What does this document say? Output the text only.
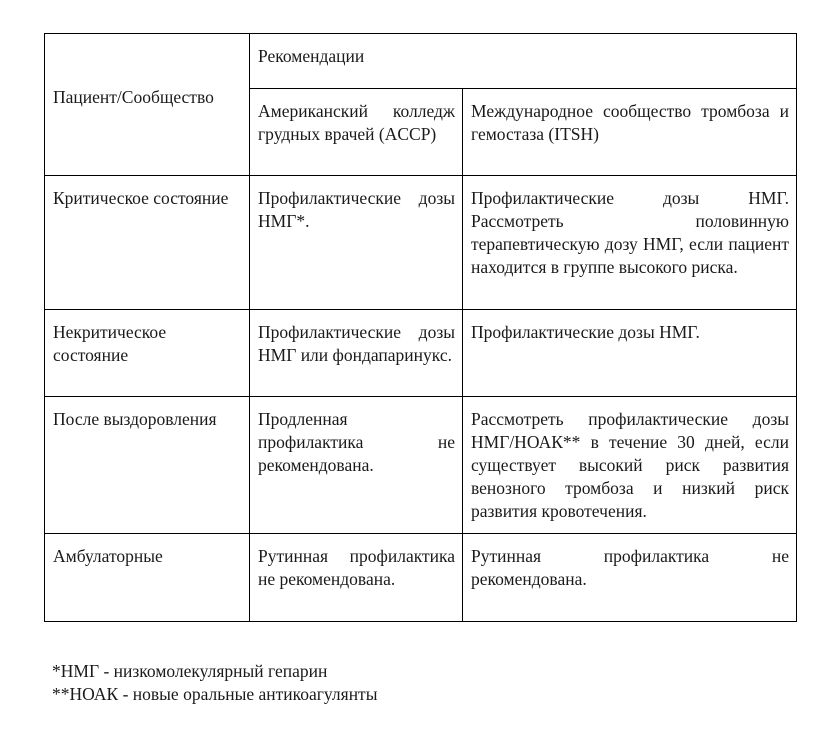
Пациент/Сообщество	Рекомендации	
	Американский колледж грудных врачей (ACCP)	Международное сообщество тромбоза и гемостаза (ITSH)
Критическое состояние	Профилактические дозы НМГ*.	Профилактические дозы НМГ. Рассмотреть половинную терапевтическую дозу НМГ, если пациент находится в группе высокого риска.
Некритическое состояние	Профилактические дозы НМГ или фондапаринукс.	Профилактические дозы НМГ.
После выздоровления	Продленная профилактика не рекомендована.	Рассмотреть профилактические дозы НМГ/НОАК** в течение 30 дней, если существует высокий риск развития венозного тромбоза и низкий риск развития кровотечения.
Амбулаторные	Рутинная профилактика не рекомендована.	Рутинная профилактика не рекомендована.
*НМГ - низкомолекулярный гепарин
**НОАК - новые оральные антикоагулянты
